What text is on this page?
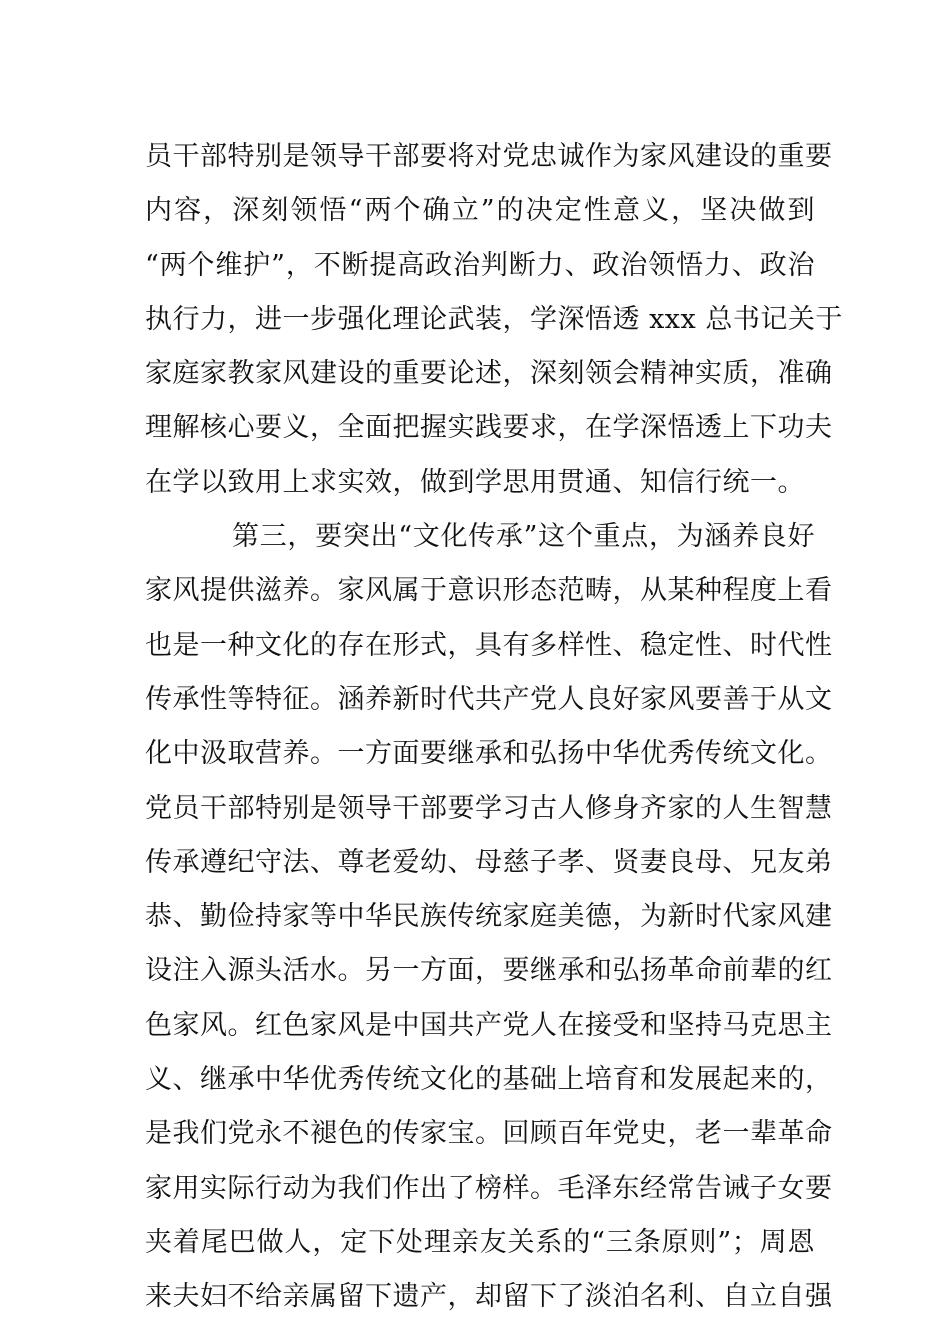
员干部特别是领导干部要将对党忠诚作为家风建设的重要
内容，深刻领悟“两个确立”的决定性意义，坚决做到
“两个维护”，不断提高政治判断力、政治领悟力、政治
执行力，进一步强化理论武装，学深悟透 xxx 总书记关于
家庭家教家风建设的重要论述，深刻领会精神实质，准确
理解核心要义，全面把握实践要求，在学深悟透上下功夫
在学以致用上求实效，做到学思用贯通、知信行统一。
第三，要突出“文化传承”这个重点，为涵养良好
家风提供滋养。家风属于意识形态范畴，从某种程度上看
也是一种文化的存在形式，具有多样性、稳定性、时代性
传承性等特征。涵养新时代共产党人良好家风要善于从文
化中汲取营养。一方面要继承和弘扬中华优秀传统文化。
党员干部特别是领导干部要学习古人修身齐家的人生智慧
传承遵纪守法、尊老爱幼、母慈子孝、贤妻良母、兄友弟
恭、勤俭持家等中华民族传统家庭美德，为新时代家风建
设注入源头活水。另一方面，要继承和弘扬革命前辈的红
色家风。红色家风是中国共产党人在接受和坚持马克思主
义、继承中华优秀传统文化的基础上培育和发展起来的，
是我们党永不褪色的传家宝。回顾百年党史，老一辈革命
家用实际行动为我们作出了榜样。毛泽东经常告诫子女要
夹着尾巴做人，定下处理亲友关系的“三条原则”；周恩
来夫妇不给亲属留下遗产，却留下了淡泊名利、自立自强
